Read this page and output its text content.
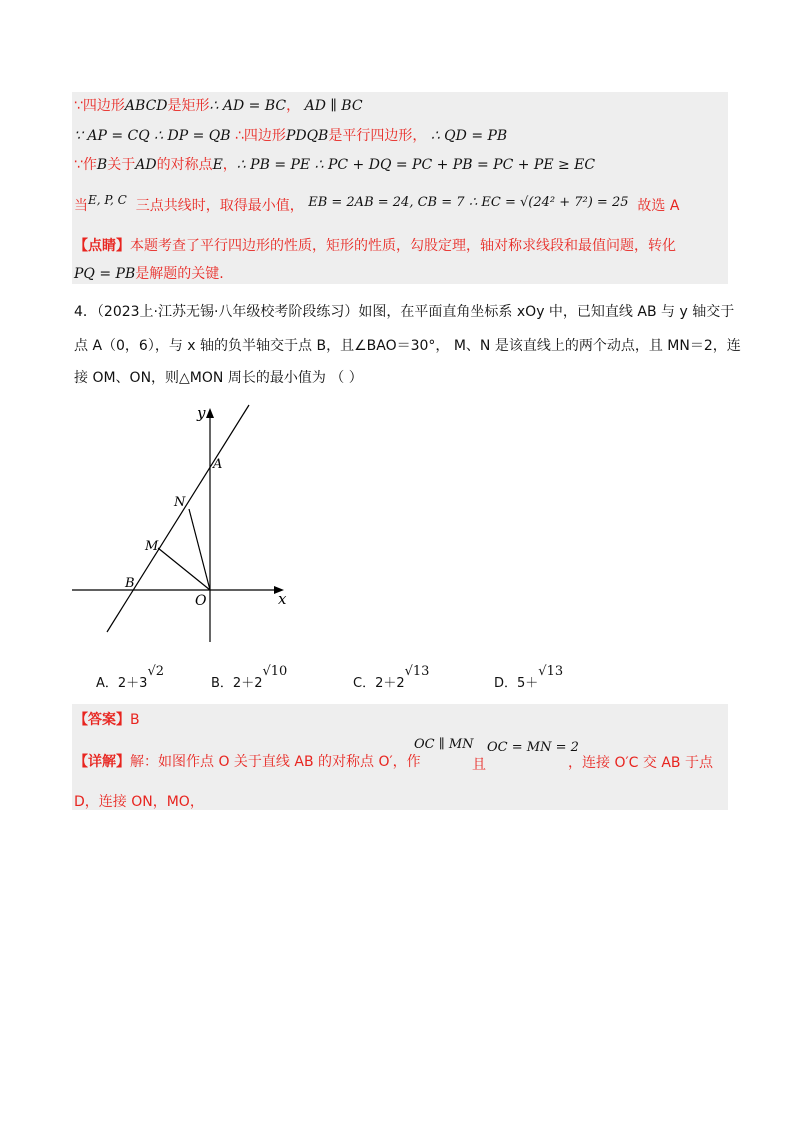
∵四边形ABCD是矩形∴ AD = BC， AD ∥ BC
∵ AP = CQ ∴ DP = QB ∴四边形PDQB是平行四边形， ∴ QD = PB
∵作B关于AD的对称点E，∴ PB = PE ∴ PC + DQ = PC + PB = PC + PE ≥ EC
当E, P, C 三点共线时，取得最小值， EB = 2AB = 24, CB = 7 ∴ EC = √(24² + 7²) = 25 故选 A
【点睛】本题考查了平行四边形的性质，矩形的性质，勾股定理，轴对称求线段和最值问题，转化
PQ = PB是解题的关键.
4．（2023上·江苏无锡·八年级校考阶段练习）如图，在平面直角坐标系 xOy 中，已知直线 AB 与 y 轴交于
点 A（0，6），与 x 轴的负半轴交于点 B，且∠BAO＝30°， M、N 是该直线上的两个动点，且 MN＝2，连
接 OM、ON，则△MON 周长的最小值为 （ ）
y
x
A
N
M
B
O
A．2＋3√2
B．2＋2√10
C．2＋2√13
D．5＋√13
【答案】B
【详解】解：如图作点 O 关于直线 AB 的对称点 O′，作
OC ∥ MN
且
OC = MN = 2
，连接 O′C 交 AB 于点
D，连接 ON，MO，
